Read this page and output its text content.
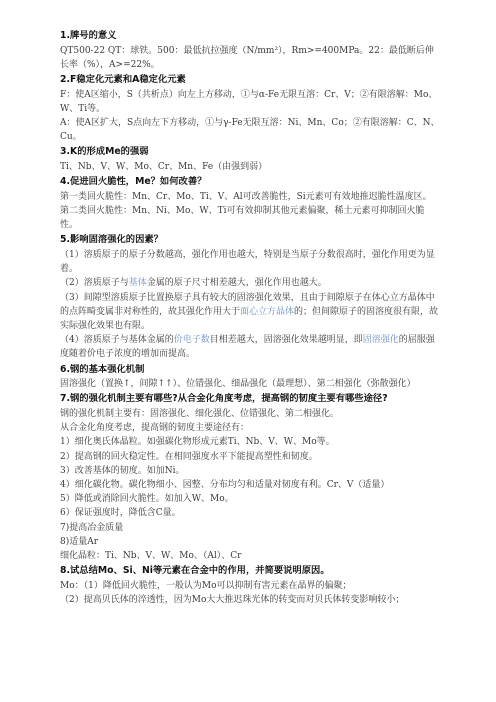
1.牌号的意义

QT500-22 QT：球铁。500：最低抗拉强度（N/mm²），Rm>=400MPa。22：最低断后伸长率（%），A>=22%。

2.F稳定化元素和A稳定化元素

F：使A区缩小，S（共析点）向左上方移动，①与α-Fe无限互溶：Cr、V；②有限溶解：Mo、W、Ti等。

A：使A区扩大，S点向左下方移动，①与γ-Fe无限互溶：Ni、Mn、Co；②有限溶解：C、N、Cu。

3.K的形成Me的强弱

Ti、Nb、V、W、Mo、Cr、Mn、Fe（由强到弱）

4.促进回火脆性，Me？如何改善？

第一类回火脆性：Mn、Cr、Mo、Ti、V、Al可改善脆性，Si元素可有效地推迟脆性温度区。

第二类回火脆性：Mn、Ni、Mo、W、Ti可有效抑制其他元素偏聚，稀土元素可抑制回火脆性。

5.影响固溶强化的因素？

（1）溶质原子的原子分数越高，强化作用也越大，特别是当原子分数很高时，强化作用更为显着。

（2）溶质原子与基体金属的原子尺寸相差越大，强化作用也越大。

（3）间隙型溶质原子比置换原子具有较大的固溶强化效果，且由于间隙原子在体心立方晶体中的点阵畸变属非对称性的，故其强化作用大于面心立方晶体的；但间隙原子的固溶度很有限，故实际强化效果也有限。

（4）溶质原子与基体金属的价电子数目相差越大，固溶强化效果越明显，即固溶强化的屈服强度随着价电子浓度的增加而提高。

6.钢的基本强化机制

固溶强化（置换↑，间隙↑↑）、位错强化、细晶强化（最理想）、第二相强化（弥散强化）

7.钢的强化机制主要有哪些?从合金化角度考虑，提高钢的韧度主要有哪些途径?

钢的强化机制主要有：固溶强化、细化强化、位错强化、第二相强化。

从合金化角度考虑，提高钢的韧度主要途径有：

1）细化奥氏体晶粒。如强碳化物形成元素Ti、Nb、V、W、Mo等。

2）提高钢的回火稳定性。在相同强度水平下能提高塑性和韧度。

3）改善基体的韧度。如加Ni。

4）细化碳化物。碳化物细小、园整、分布均匀和适量对韧度有利。Cr、V（适量）

5）降低或消除回火脆性。如加入W、Mo。

6）保证强度时，降低含C量。

7)提高冶金质量

8)适量Ar

细化晶粒：Ti、Nb、V、W、Mo、（Al）、Cr

8.试总结Mo、Si、Ni等元素在合金中的作用，并简要说明原因。

Mo：（1）降低回火脆性，一般认为Mo可以抑制有害元素在晶界的偏聚；

（2）提高贝氏体的淬透性，因为Mo大大推迟珠光体的转变而对贝氏体转变影响较小；
